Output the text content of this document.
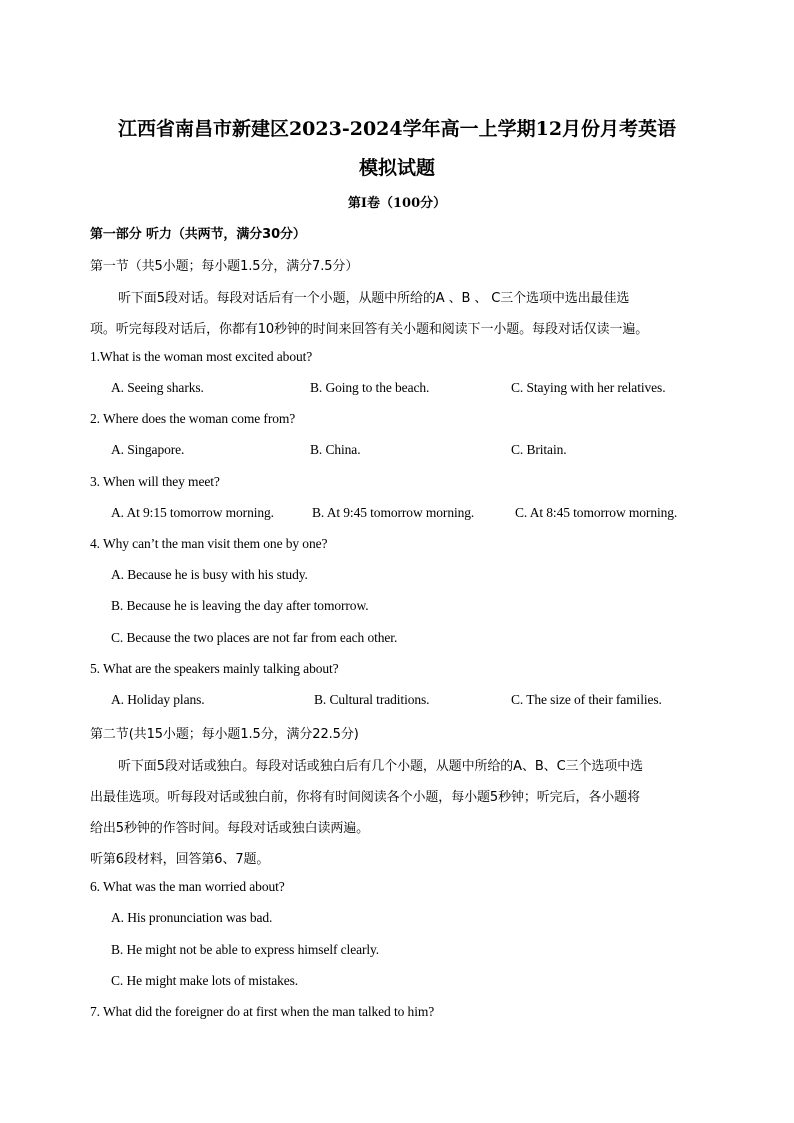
江西省南昌市新建区2023-2024学年高一上学期12月份月考英语
模拟试题
第Ⅰ卷（100分）
第一部分 听力（共两节，满分30分）
第一节（共5小题；每小题1.5分，满分7.5分）
听下面5段对话。每段对话后有一个小题，从题中所给的A 、B 、 C三个选项中选出最佳选
项。听完每段对话后，你都有10秒钟的时间来回答有关小题和阅读下一小题。每段对话仅读一遍。
1.What is the woman most excited about?
A. Seeing sharks.	B. Going to the beach.	C. Staying with her relatives.
2. Where does the woman come from?
A. Singapore.	B. China.	C. Britain.
3. When will they meet?
A. At 9:15 tomorrow morning.	B. At 9:45 tomorrow morning.	C. At 8:45 tomorrow morning.
4. Why can’t the man visit them one by one?
A. Because he is busy with his study.
B. Because he is leaving the day after tomorrow.
C. Because the two places are not far from each other.
5. What are the speakers mainly talking about?
A. Holiday plans.	B. Cultural traditions.	C. The size of their families.
第二节(共15小题；每小题1.5分，满分22.5分)
听下面5段对话或独白。每段对话或独白后有几个小题，从题中所给的A、B、C三个选项中选
出最佳选项。听每段对话或独白前，你将有时间阅读各个小题，每小题5秒钟；听完后，各小题将
给出5秒钟的作答时间。每段对话或独白读两遍。
听第6段材料，回答第6、7题。
6. What was the man worried about?
A. His pronunciation was bad.
B. He might not be able to express himself clearly.
C. He might make lots of mistakes.
7. What did the foreigner do at first when the man talked to him?
